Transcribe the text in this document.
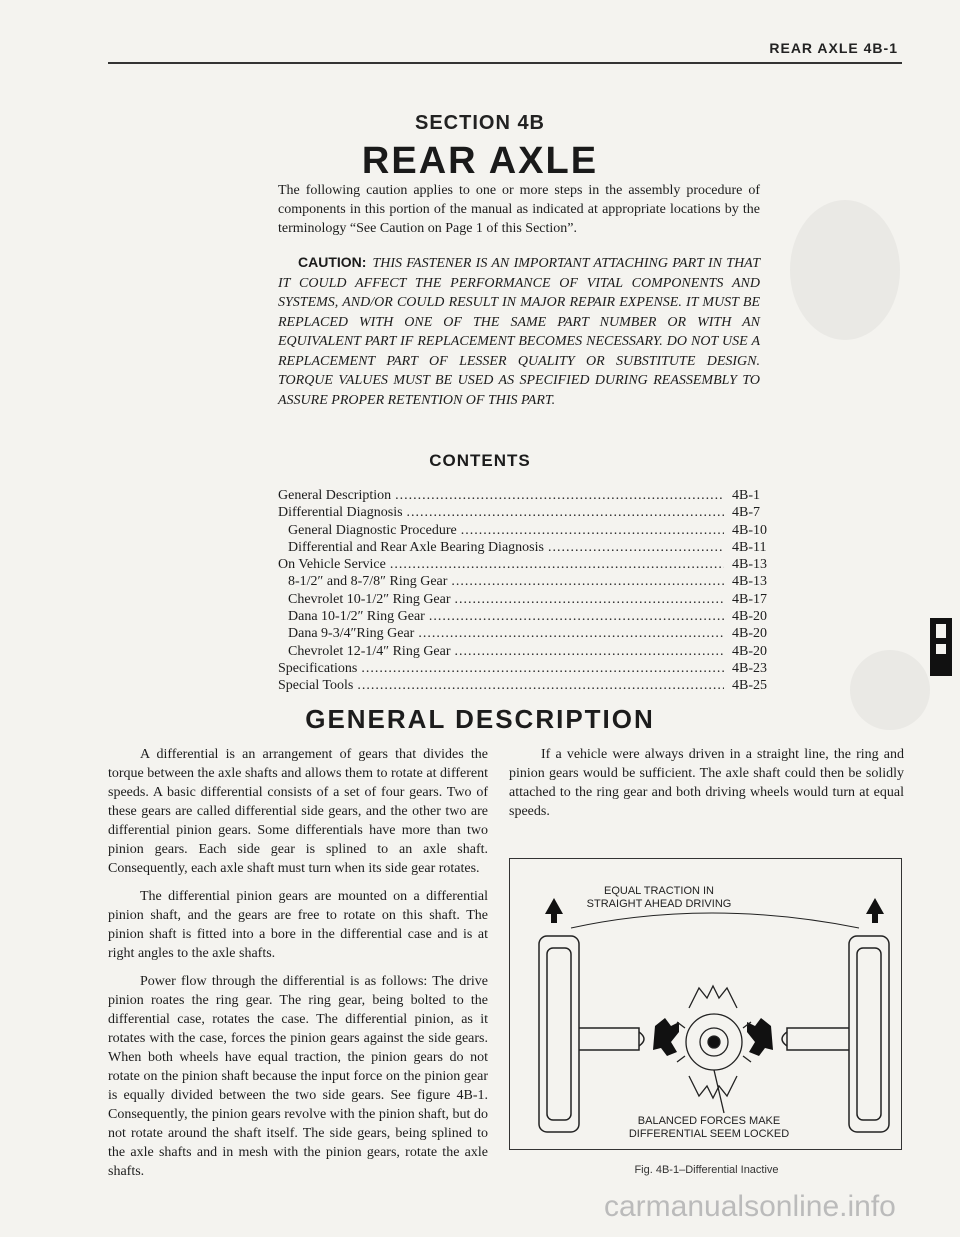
REAR AXLE 4B-1
SECTION 4B
REAR AXLE
The following caution applies to one or more steps in the assembly procedure of components in this portion of the manual as indicated at appropriate locations by the terminology “See Caution on Page 1 of this Section”.
CAUTION: THIS FASTENER IS AN IMPORTANT ATTACHING PART IN THAT IT COULD AFFECT THE PERFORMANCE OF VITAL COMPONENTS AND SYSTEMS, AND/OR COULD RESULT IN MAJOR REPAIR EXPENSE. IT MUST BE REPLACED WITH ONE OF THE SAME PART NUMBER OR WITH AN EQUIVALENT PART IF REPLACEMENT BECOMES NECESSARY. DO NOT USE A REPLACEMENT PART OF LESSER QUALITY OR SUBSTITUTE DESIGN. TORQUE VALUES MUST BE USED AS SPECIFIED DURING REASSEMBLY TO ASSURE PROPER RETENTION OF THIS PART.
CONTENTS
General Description .....	4B-1
Differential Diagnosis .....	4B-7
General Diagnostic Procedure .....	4B-10
Differential and Rear Axle Bearing Diagnosis .....	4B-11
On Vehicle Service .....	4B-13
8-1/2″ and 8-7/8″ Ring Gear .....	4B-13
Chevrolet 10-1/2″ Ring Gear .....	4B-17
Dana 10-1/2″ Ring Gear .....	4B-20
Dana 9-3/4″Ring Gear .....	4B-20
Chevrolet 12-1/4″ Ring Gear .....	4B-20
Specifications .....	4B-23
Special Tools .....	4B-25
GENERAL DESCRIPTION

A differential is an arrangement of gears that divides the torque between the axle shafts and allows them to rotate at different speeds. A basic differential consists of a set of four gears. Two of these gears are called differential side gears, and the other two are differential pinion gears. Some differentials have more than two pinion gears. Each side gear is splined to an axle shaft. Consequently, each axle shaft must turn when its side gear rotates.

The differential pinion gears are mounted on a differential pinion shaft, and the gears are free to rotate on this shaft. The pinion shaft is fitted into a bore in the differential case and is at right angles to the axle shafts.

Power flow through the differential is as follows: The drive pinion roates the ring gear. The ring gear, being bolted to the differential case, rotates the case. The differential pinion, as it rotates with the case, forces the pinion gears against the side gears. When both wheels have equal traction, the pinion gears do not rotate on the pinion shaft because the input force on the pinion gear is equally divided between the two side gears. See figure 4B-1. Consequently, the pinion gears revolve with the pinion shaft, but do not rotate around the shaft itself. The side gears, being splined to the axle shafts and in mesh with the pinion gears, rotate the axle shafts.

If a vehicle were always driven in a straight line, the ring and pinion gears would be sufficient. The axle shaft could then be solidly attached to the ring gear and both driving wheels would turn at equal speeds.

EQUAL TRACTION IN
STRAIGHT AHEAD DRIVING
BALANCED FORCES MAKE
DIFFERENTIAL SEEM LOCKED
Fig. 4B-1–Differential Inactive
carmanualsonline.info
